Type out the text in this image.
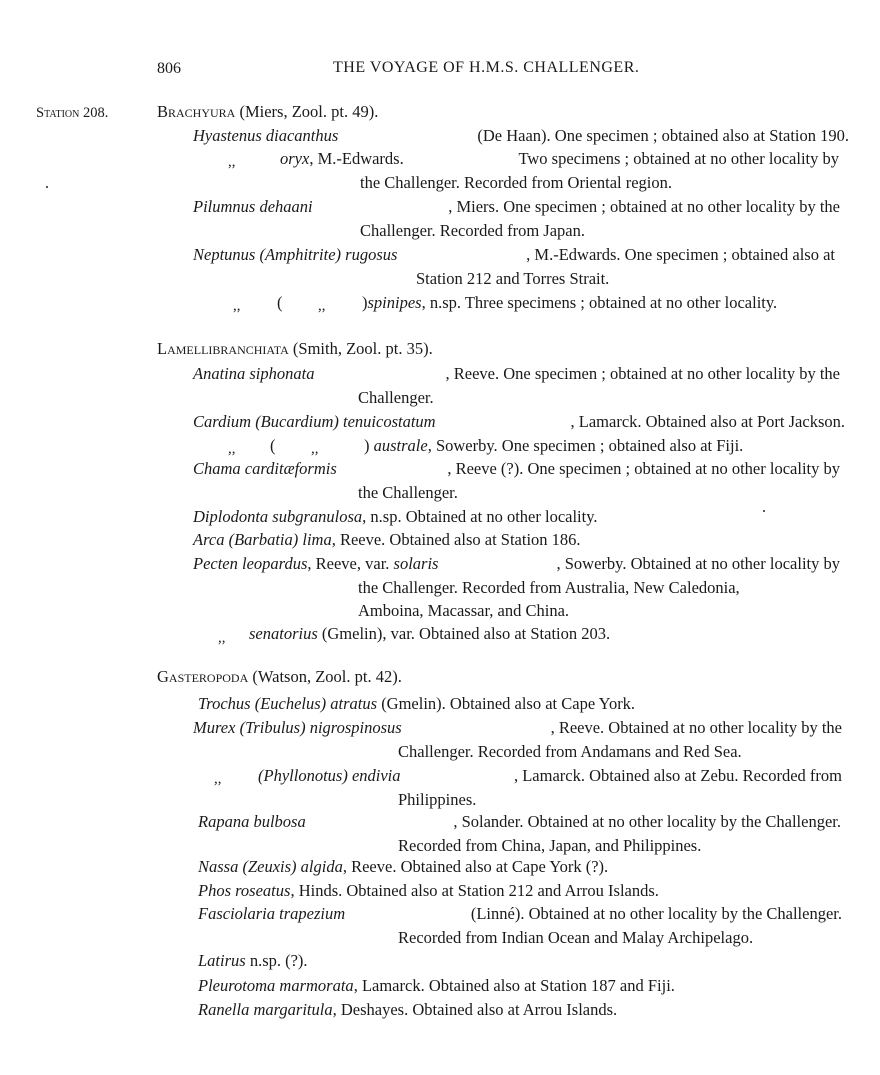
806	THE VOYAGE OF H.M.S. CHALLENGER.
Station 208.	Brachyura (Miers, Zool. pt. 49).
Hyastenus diacanthus	(De Haan). One specimen ; obtained also at Station 190.
,,	oryx, M.-Edwards.	Two specimens ; obtained at no other locality by
the Challenger. Recorded from Oriental region.
Pilumnus dehaani	, Miers. One specimen ; obtained at no other locality by the
Challenger. Recorded from Japan.
Neptunus (Amphitrite) rugosus	, M.-Edwards. One specimen ; obtained also at
Station 212 and Torres Strait.
,, ( ,, )spinipes, n.sp. Three specimens ; obtained at no other locality.
Lamellibranchiata (Smith, Zool. pt. 35).
Anatina siphonata	, Reeve. One specimen ; obtained at no other locality by the
Challenger.
Cardium (Bucardium) tenuicostatum	, Lamarck. Obtained also at Port Jackson.
,, ( ,,	) australe, Sowerby. One specimen ; obtained also at Fiji.
Chama carditæformis	, Reeve (?). One specimen ; obtained at no other locality by
the Challenger.
Diplodonta subgranulosa, n.sp. Obtained at no other locality.
Arca (Barbatia) lima, Reeve. Obtained also at Station 186.
Pecten leopardus, Reeve, var. solaris	, Sowerby. Obtained at no other locality by
the Challenger. Recorded from Australia, New Caledonia,
Amboina, Macassar, and China.
,, senatorius (Gmelin), var. Obtained also at Station 203.
Gasteropoda (Watson, Zool. pt. 42).
Trochus (Euchelus) atratus (Gmelin). Obtained also at Cape York.
Murex (Tribulus) nigrospinosus	, Reeve. Obtained at no other locality by the
Challenger. Recorded from Andamans and Red Sea.
,, (Phyllonotus) endivia	, Lamarck. Obtained also at Zebu. Recorded from
Philippines.
Rapana bulbosa	, Solander. Obtained at no other locality by the Challenger.
Recorded from China, Japan, and Philippines.
Nassa (Zeuxis) algida, Reeve. Obtained also at Cape York (?).
Phos roseatus, Hinds. Obtained also at Station 212 and Arrou Islands.
Fasciolaria trapezium	(Linné). Obtained at no other locality by the Challenger.
Recorded from Indian Ocean and Malay Archipelago.
Latirus n.sp. (?).
Pleurotoma marmorata, Lamarck. Obtained also at Station 187 and Fiji.
Ranella margaritula, Deshayes. Obtained also at Arrou Islands.
